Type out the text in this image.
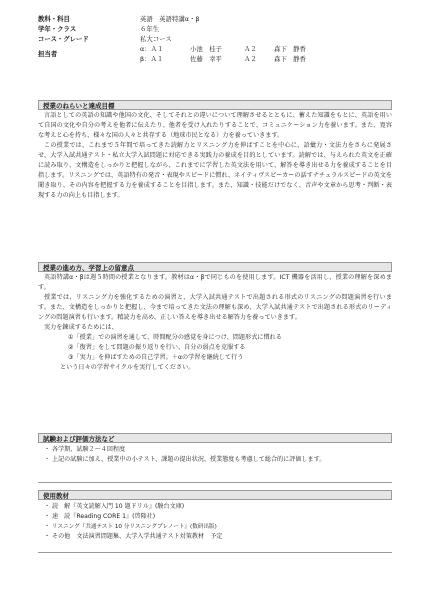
教科・科目	英語　英語特講α・β
学年・クラス	６年生
コース・グレード	私大コース
担当者
α：Ａ１	小池　桂子	Ａ２	森下　静香
β：Ａ１	佐藤　幸平	Ａ２	森下　静香
授業のねらいと達成目標

言語としての英語の知識や他国の文化、そしてそれとの違いについて理解させるとともに、蓄えた知識をもとに、英語を用いて自国の文化や自分の考えを他者に伝えたり、他者を受け入れたりすることで、コミュニケーション力を養います。また、寛容な考えと心を持ち、様々な国の人々と共存する（地球市民となる）力を養っていきます。

この授業では、これまで５年間で培ってきた読解力とリスニング力を伸ばすことを中心に、語彙力・文法力をさらに発展させ、大学入試共通テスト・私立大学入試問題に対応できる実践力の養成を目的としています。読解では、与えられた英文を正確に読み取り、文構造をしっかりと把握しながら、これまでに学習した英文法を用いて、解答を導き出せる力を養成することを目指します。リスニングでは、英語特有の発音・表現やスピードに慣れ、ネイティヴスピーカーの話すナチュラルスピードの英文を聞き取り、その内容を把握する力を養成することを目指します。また、知識・技能だけでなく、音声や文章から思考・判断・表現する力の向上も目指します。

授業の進め方、学習上の留意点

英語特講α・βは週５時間の授業となります。教材はα・βで同じものを使用します。ICT 機器を活用し、授業の理解を深めます。

授業では、リスニング力を強化するための演習と、大学入試共通テストで出題される形式のリスニングの問題演習を行います。また、文構造をしっかりと把握し、今まで培ってきた文法の理解も深め、大学入試共通テストで出題される形式のリーディングの問題演習も行います。精読力を高め、正しい答えを導き出せる解答力を養っていきます。

実力を錬成するためには、

①「授業」での演習を通して、時間配分の感覚を身につけ、問題形式に慣れる
②「復習」をして問題の振り返りを行い、自分の弱点を克服する
③「実力」を伸ばすための自己学習。＋αの学習を継続して行う

という日々の学習サイクルを実行してください。

試験および評価方法など
・ 各学期、試験２～４回程度
・ 上記の試験に加え、授業中の小テスト、課題の提出状況、授業態度も考慮して総合的に評価します。
使用教材
・ 読　解『英文読解入門 10 題ドリル』(駿台文庫)
・ 速　読『Reading CORE 1』(啓隆社)
・ リスニング『共通テスト 10 分リスニングプレノート』(数研出版)
・ その他　文法演習問題集、大学入学共通テスト対策教材　予定
